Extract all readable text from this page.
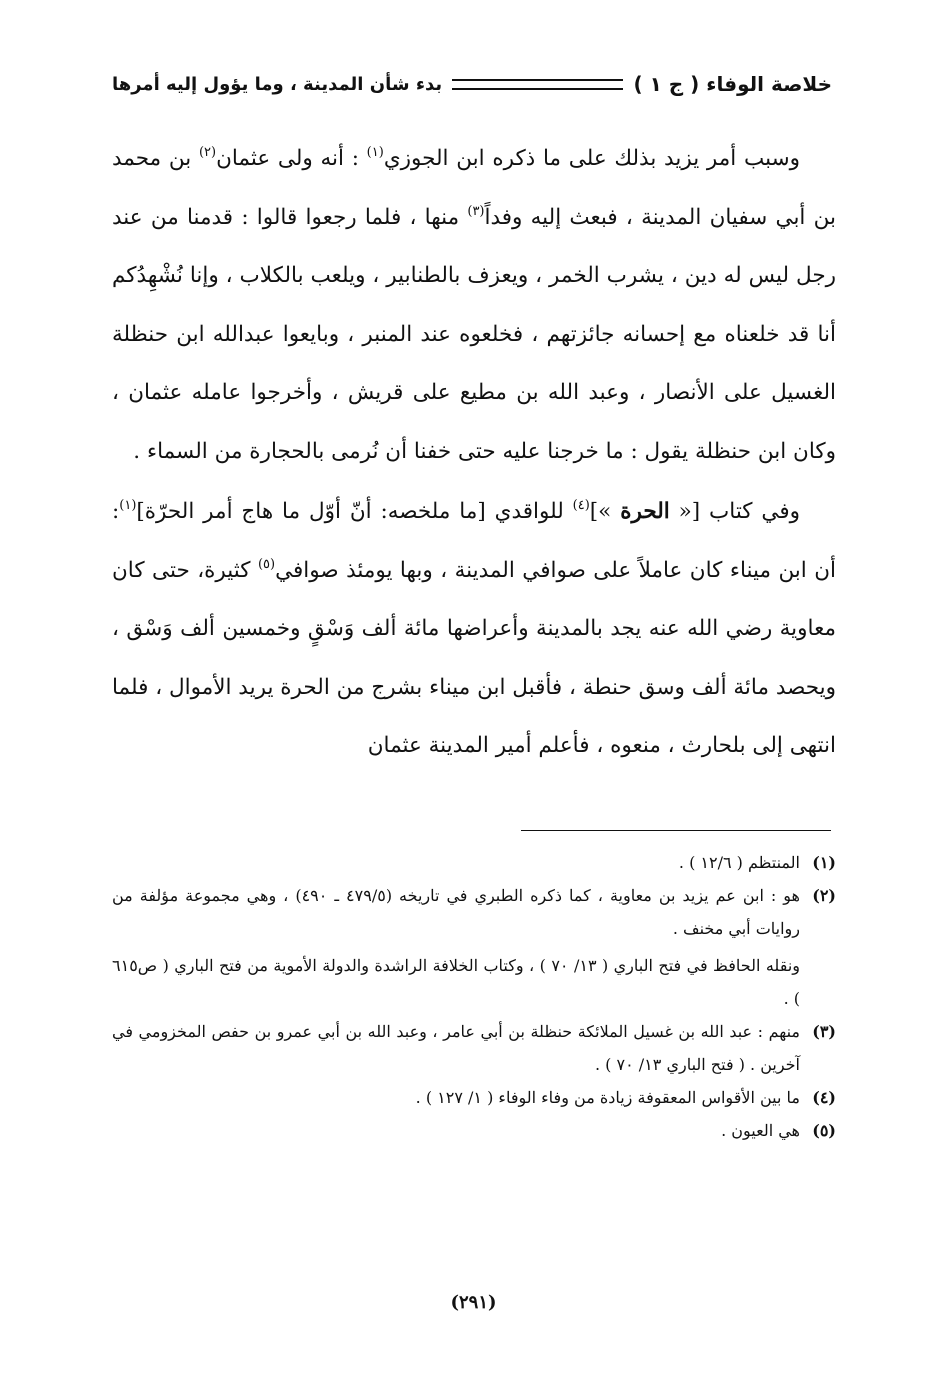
خلاصة الوفاء ( ج ١ )
بدء شأن المدينة ، وما يؤول إليه أمرها

وسبب أمر يزيد بذلك على ما ذكره ابن الجوزي$^{(١)}$ : أنه ولى عثمان$^{(٢)}$ بن محمد بن أبي سفيان المدينة ، فبعث إليه وفداً$^{(٣)}$ منها ، فلما رجعوا قالوا : قدمنا من عند رجل ليس له دين ، يشرب الخمر ، ويعزف بالطنابير ، ويلعب بالكلاب ، وإنا نُشْهِدُكم أنا قد خلعناه مع إحسانه جائزتهم ، فخلعوه عند المنبر ، وبايعوا عبدالله ابن حنظلة الغسيل على الأنصار ، وعبد الله بن مطيع على قريش ، وأخرجوا عامله عثمان ، وكان ابن حنظلة يقول : ما خرجنا عليه حتى خفنا أن نُرمى بالحجارة من السماء .

وفي كتاب [« الحرة »]$^{(٤)}$ للواقدي [ما ملخصه: أنّ أوّل ما هاج أمر الحرّة]$^{(١)}$: أن ابن ميناء كان عاملاً على صوافي المدينة ، وبها يومئذ صوافي$^{(٥)}$ كثيرة، حتى كان معاوية رضي الله عنه يجد بالمدينة وأعراضها مائة ألف وَسْقٍ وخمسين ألف وَسْق ، ويحصد مائة ألف وسق حنطة ، فأقبل ابن ميناء بشرج من الحرة يريد الأموال ، فلما انتهى إلى بلحارث ، منعوه ، فأعلم أمير المدينة عثمان

(١)
المنتظم ( ١٢/٦ ) .
(٢)
هو : ابن عم يزيد بن معاوية ، كما ذكره الطبري في تاريخه (٤٧٩/٥ ـ ٤٩٠) ، وهي مجموعة مؤلفة من روايات أبي مخنف .
ونقله الحافظ في فتح الباري ( ١٣/ ٧٠ ) ، وكتاب الخلافة الراشدة والدولة الأموية من فتح الباري ( ص٦١٥ ) .
(٣)
منهم : عبد الله بن غسيل الملائكة حنظلة بن أبي عامر ، وعبد الله بن أبي عمرو بن حفص المخزومي في آخرين . ( فتح الباري ١٣/ ٧٠ ) .
(٤)
ما بين الأقواس المعقوفة زيادة من وفاء الوفاء ( ١/ ١٢٧ ) .
(٥)
هي العيون .
(٢٩١)
